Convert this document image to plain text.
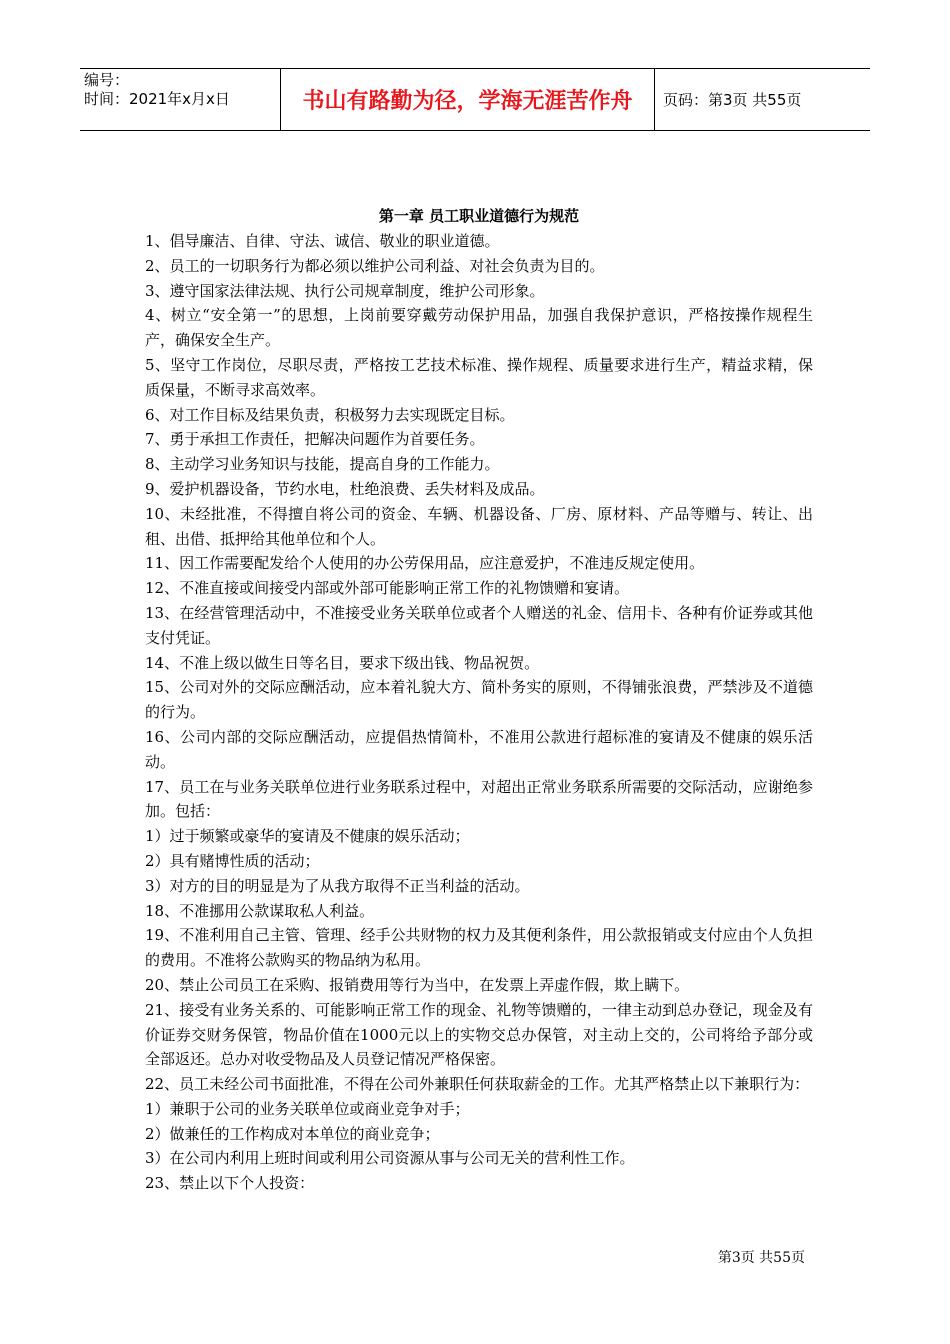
编号：
时间：2021年x月x日	书山有路勤为径，学海无涯苦作舟	页码：第3页 共55页
第一章 员工职业道德行为规范

1、倡导廉洁、自律、守法、诚信、敬业的职业道德。

2、员工的一切职务行为都必须以维护公司利益、对社会负责为目的。

3、遵守国家法律法规、执行公司规章制度，维护公司形象。

4、树立“安全第一”的思想，上岗前要穿戴劳动保护用品，加强自我保护意识，严格按操作规程生产，确保安全生产。

5、坚守工作岗位，尽职尽责，严格按工艺技术标准、操作规程、质量要求进行生产，精益求精，保质保量，不断寻求高效率。

6、对工作目标及结果负责，积极努力去实现既定目标。

7、勇于承担工作责任，把解决问题作为首要任务。

8、主动学习业务知识与技能，提高自身的工作能力。

9、爱护机器设备，节约水电，杜绝浪费、丢失材料及成品。

10、未经批准，不得擅自将公司的资金、车辆、机器设备、厂房、原材料、产品等赠与、转让、出租、出借、抵押给其他单位和个人。

11、因工作需要配发给个人使用的办公劳保用品，应注意爱护，不准违反规定使用。

12、不准直接或间接受内部或外部可能影响正常工作的礼物馈赠和宴请。

13、在经营管理活动中，不准接受业务关联单位或者个人赠送的礼金、信用卡、各种有价证券或其他支付凭证。

14、不准上级以做生日等名目，要求下级出钱、物品祝贺。

15、公司对外的交际应酬活动，应本着礼貌大方、简朴务实的原则，不得铺张浪费，严禁涉及不道德的行为。

16、公司内部的交际应酬活动，应提倡热情简朴，不准用公款进行超标准的宴请及不健康的娱乐活动。

17、员工在与业务关联单位进行业务联系过程中，对超出正常业务联系所需要的交际活动，应谢绝参加。包括：

1）过于频繁或豪华的宴请及不健康的娱乐活动；

2）具有赌博性质的活动；

3）对方的目的明显是为了从我方取得不正当利益的活动。

18、不准挪用公款谋取私人利益。

19、不准利用自己主管、管理、经手公共财物的权力及其便利条件，用公款报销或支付应由个人负担的费用。不准将公款购买的物品纳为私用。

20、禁止公司员工在采购、报销费用等行为当中，在发票上弄虚作假，欺上瞒下。

21、接受有业务关系的、可能影响正常工作的现金、礼物等馈赠的，一律主动到总办登记，现金及有价证券交财务保管，物品价值在1000元以上的实物交总办保管，对主动上交的，公司将给予部分或全部返还。总办对收受物品及人员登记情况严格保密。

22、员工未经公司书面批准，不得在公司外兼职任何获取薪金的工作。尤其严格禁止以下兼职行为：

1）兼职于公司的业务关联单位或商业竞争对手；

2）做兼任的工作构成对本单位的商业竞争；

3）在公司内利用上班时间或利用公司资源从事与公司无关的营利性工作。

23、禁止以下个人投资：

第3页 共55页
